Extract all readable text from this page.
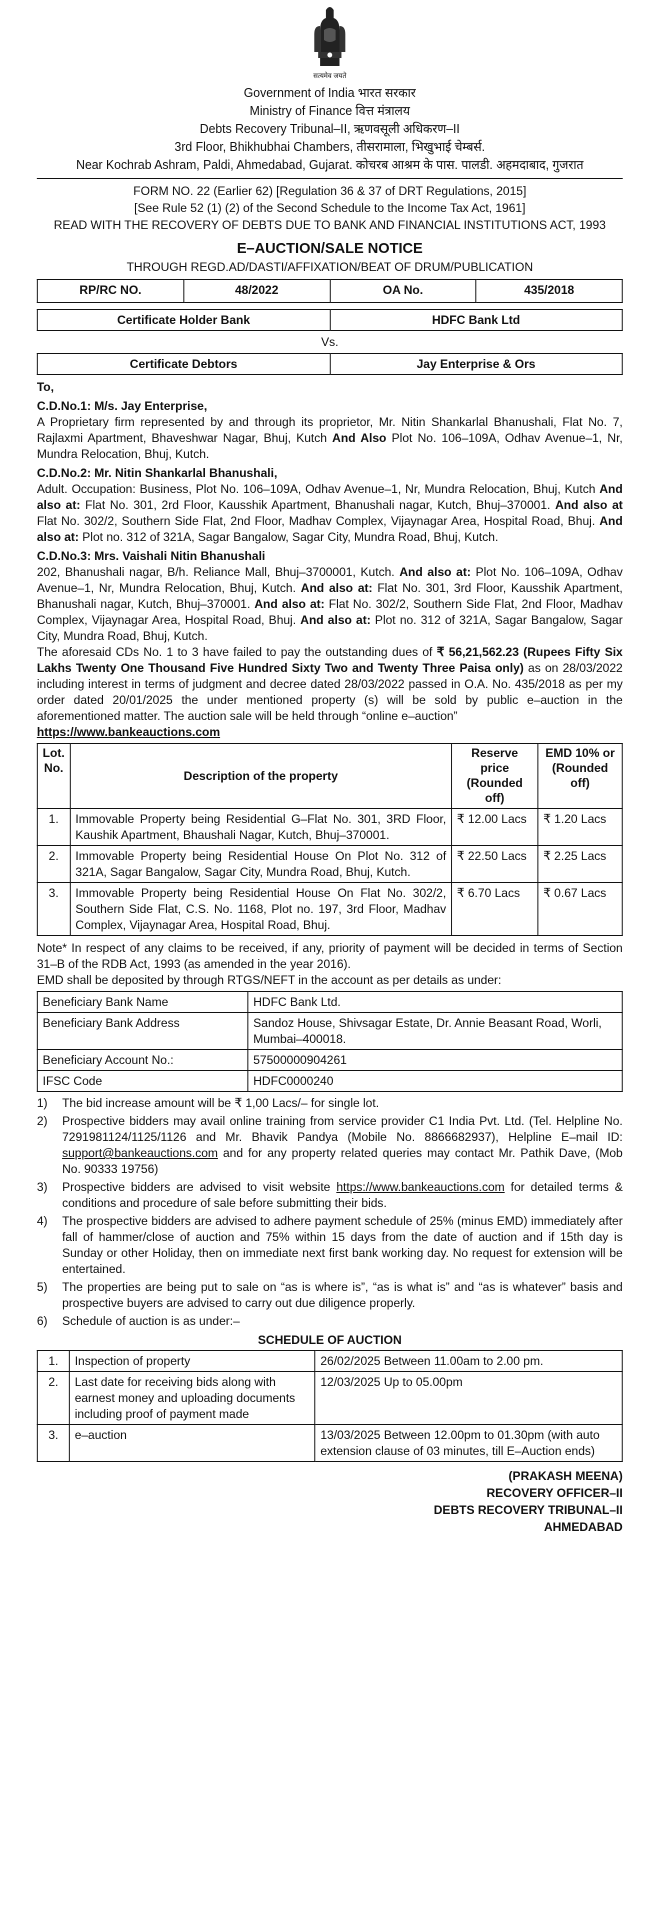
सत्यमेव जयते
Government of India भारत सरकार
Ministry of Finance वित्त मंत्रालय
Debts Recovery Tribunal–II, ऋणवसूली अधिकरण–II
3rd Floor, Bhikhubhai Chambers, तीसरामाला, भिखुभाई चेम्बर्स.
Near Kochrab Ashram, Paldi, Ahmedabad, Gujarat. कोचरब आश्रम के पास. पालडी. अहमदाबाद, गुजरात
FORM NO. 22 (Earlier 62) [Regulation 36 & 37 of DRT Regulations, 2015]
[See Rule 52 (1) (2) of the Second Schedule to the Income Tax Act, 1961]
READ WITH THE RECOVERY OF DEBTS DUE TO BANK AND FINANCIAL INSTITUTIONS ACT, 1993
E–AUCTION/SALE NOTICE
THROUGH REGD.AD/DASTI/AFFIXATION/BEAT OF DRUM/PUBLICATION
RP/RC NO.	48/2022	OA No.	435/2018
Certificate Holder Bank	HDFC Bank Ltd
Vs.
Certificate Debtors	Jay Enterprise & Ors
To,
C.D.No.1: M/s. Jay Enterprise,

A Proprietary firm represented by and through its proprietor, Mr. Nitin Shankarlal Bhanushali, Flat No. 7, Rajlaxmi Apartment, Bhaveshwar Nagar, Bhuj, Kutch And Also Plot No. 106–109A, Odhav Avenue–1, Nr, Mundra Relocation, Bhuj, Kutch.

C.D.No.2: Mr. Nitin Shankarlal Bhanushali,

Adult. Occupation: Business, Plot No. 106–109A, Odhav Avenue–1, Nr, Mundra Relocation, Bhuj, Kutch And also at: Flat No. 301, 2rd Floor, Kausshik Apartment, Bhanushali nagar, Kutch, Bhuj–370001. And also at Flat No. 302/2, Southern Side Flat, 2nd Floor, Madhav Complex, Vijaynagar Area, Hospital Road, Bhuj. And also at: Plot no. 312 of 321A, Sagar Bangalow, Sagar City, Mundra Road, Bhuj, Kutch.

C.D.No.3: Mrs. Vaishali Nitin Bhanushali

202, Bhanushali nagar, B/h. Reliance Mall, Bhuj–3700001, Kutch. And also at: Plot No. 106–109A, Odhav Avenue–1, Nr, Mundra Relocation, Bhuj, Kutch. And also at: Flat No. 301, 3rd Floor, Kausshik Apartment, Bhanushali nagar, Kutch, Bhuj–370001. And also at: Flat No. 302/2, Southern Side Flat, 2nd Floor, Madhav Complex, Vijaynagar Area, Hospital Road, Bhuj. And also at: Plot no. 312 of 321A, Sagar Bangalow, Sagar City, Mundra Road, Bhuj, Kutch.

The aforesaid CDs No. 1 to 3 have failed to pay the outstanding dues of ₹ 56,21,562.23 (Rupees Fifty Six Lakhs Twenty One Thousand Five Hundred Sixty Two and Twenty Three Paisa only) as on 28/03/2022 including interest in terms of judgment and decree dated 28/03/2022 passed in O.A. No. 435/2018 as per my order dated 20/01/2025 the under mentioned property (s) will be sold by public e–auction in the aforementioned matter. The auction sale will be held through “online e–auction”
https://www.bankeauctions.com

Lot. No.	Description of the property	Reserve price (Rounded off)	EMD 10% or (Rounded off)
1.	Immovable Property being Residential G–Flat No. 301, 3RD Floor, Kaushik Apartment, Bhaushali Nagar, Kutch, Bhuj–370001.	₹ 12.00 Lacs	₹ 1.20 Lacs
2.	Immovable Property being Residential House On Plot No. 312 of 321A, Sagar Bangalow, Sagar City, Mundra Road, Bhuj, Kutch.	₹ 22.50 Lacs	₹ 2.25 Lacs
3.	Immovable Property being Residential House On Flat No. 302/2, Southern Side Flat, C.S. No. 1168, Plot no. 197, 3rd Floor, Madhav Complex, Vijaynagar Area, Hospital Road, Bhuj.	₹ 6.70 Lacs	₹ 0.67 Lacs

Note* In respect of any claims to be received, if any, priority of payment will be decided in terms of Section 31–B of the RDB Act, 1993 (as amended in the year 2016).

EMD shall be deposited by through RTGS/NEFT in the account as per details as under:

Beneficiary Bank Name	HDFC Bank Ltd.
Beneficiary Bank Address	Sandoz House, Shivsagar Estate, Dr. Annie Beasant Road, Worli, Mumbai–400018.
Beneficiary Account No.:	57500000904261
IFSC Code	HDFC0000240
1)	The bid increase amount will be ₹ 1,00 Lacs/– for single lot.
2)	Prospective bidders may avail online training from service provider C1 India Pvt. Ltd. (Tel. Helpline No. 7291981124/1125/1126 and Mr. Bhavik Pandya (Mobile No. 8866682937), Helpline E–mail ID: support@bankeauctions.com and for any property related queries may contact Mr. Pathik Dave, (Mob No. 90333 19756)
3)	Prospective bidders are advised to visit website https://www.bankeauctions.com for detailed terms & conditions and procedure of sale before submitting their bids.
4)	The prospective bidders are advised to adhere payment schedule of 25% (minus EMD) immediately after fall of hammer/close of auction and 75% within 15 days from the date of auction and if 15th day is Sunday or other Holiday, then on immediate next first bank working day. No request for extension will be entertained.
5)	The properties are being put to sale on “as is where is”, “as is what is” and “as is whatever” basis and prospective buyers are advised to carry out due diligence properly.
6)	Schedule of auction is as under:–
SCHEDULE OF AUCTION
1.	Inspection of property	26/02/2025 Between 11.00am to 2.00 pm.
2.	Last date for receiving bids along with earnest money and uploading documents including proof of payment made	12/03/2025 Up to 05.00pm
3.	e–auction	13/03/2025 Between 12.00pm to 01.30pm (with auto extension clause of 03 minutes, till E–Auction ends)
(PRAKASH MEENA)
RECOVERY OFFICER–II
DEBTS RECOVERY TRIBUNAL–II
AHMEDABAD
